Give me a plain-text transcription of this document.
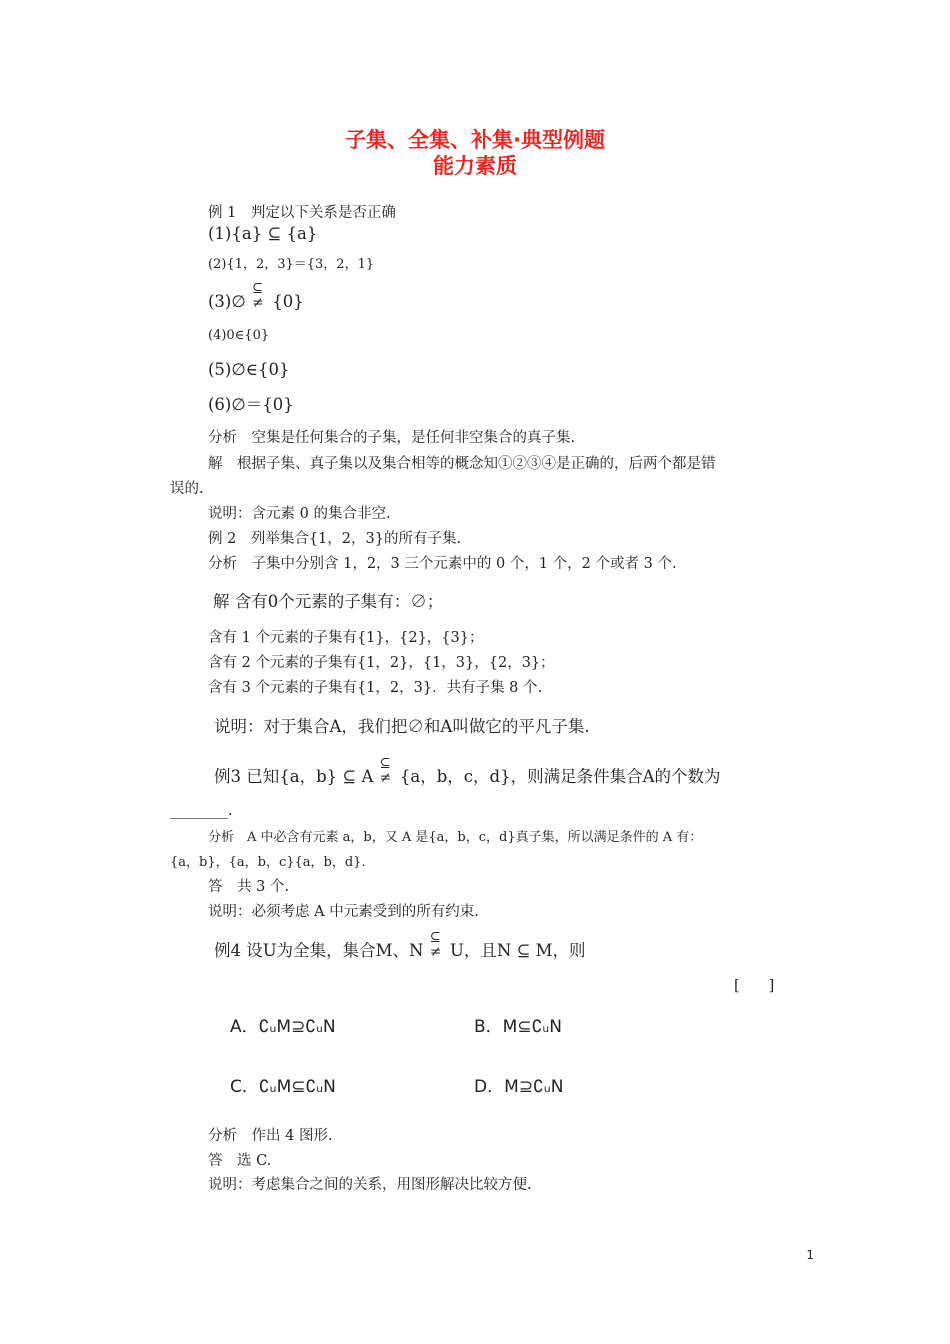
子集、全集、补集·典型例题
能力素质
例 1　判定以下关系是否正确
(1){a} ⊆ {a}
(2){1，2，3}＝{3，2，1}
(3)∅
⊆
≠ {0}
(4)0∈{0}
(5)∅∈{0}
(6)∅＝{0}
分析　空集是任何集合的子集，是任何非空集合的真子集.
解　根据子集、真子集以及集合相等的概念知①②③④是正确的，后两个都是错
误的.
说明：含元素 0 的集合非空.
例 2　列举集合{1，2，3}的所有子集.
分析　子集中分别含 1，2，3 三个元素中的 0 个，1 个，2 个或者 3 个.
解 含有0个元素的子集有：∅；
含有 1 个元素的子集有{1}，{2}，{3}；
含有 2 个元素的子集有{1，2}，{1，3}，{2，3}；
含有 3 个元素的子集有{1，2，3}．共有子集 8 个.
说明：对于集合A，我们把∅和A叫做它的平凡子集.
例3 已知{a，b} ⊆ A
⊆
≠ {a，b，c，d}，则满足条件集合A的个数为
________.
分析　A 中必含有元素 a，b，又 A 是{a，b，c，d}真子集，所以满足条件的 A 有：
{a，b}，{a，b，c}{a，b，d}.
答　共 3 个.
说明：必须考虑 A 中元素受到的所有约束.
例4 设U为全集，集合M、N
⊆
≠ U，且N ⊆ M，则
[　　]
A．∁ᵤM⊇∁ᵤN	B．M⊆∁ᵤN
C．∁ᵤM⊆∁ᵤN	D．M⊇∁ᵤN
分析　作出 4 图形.
答　选 C.
说明：考虑集合之间的关系，用图形解决比较方便.
1
